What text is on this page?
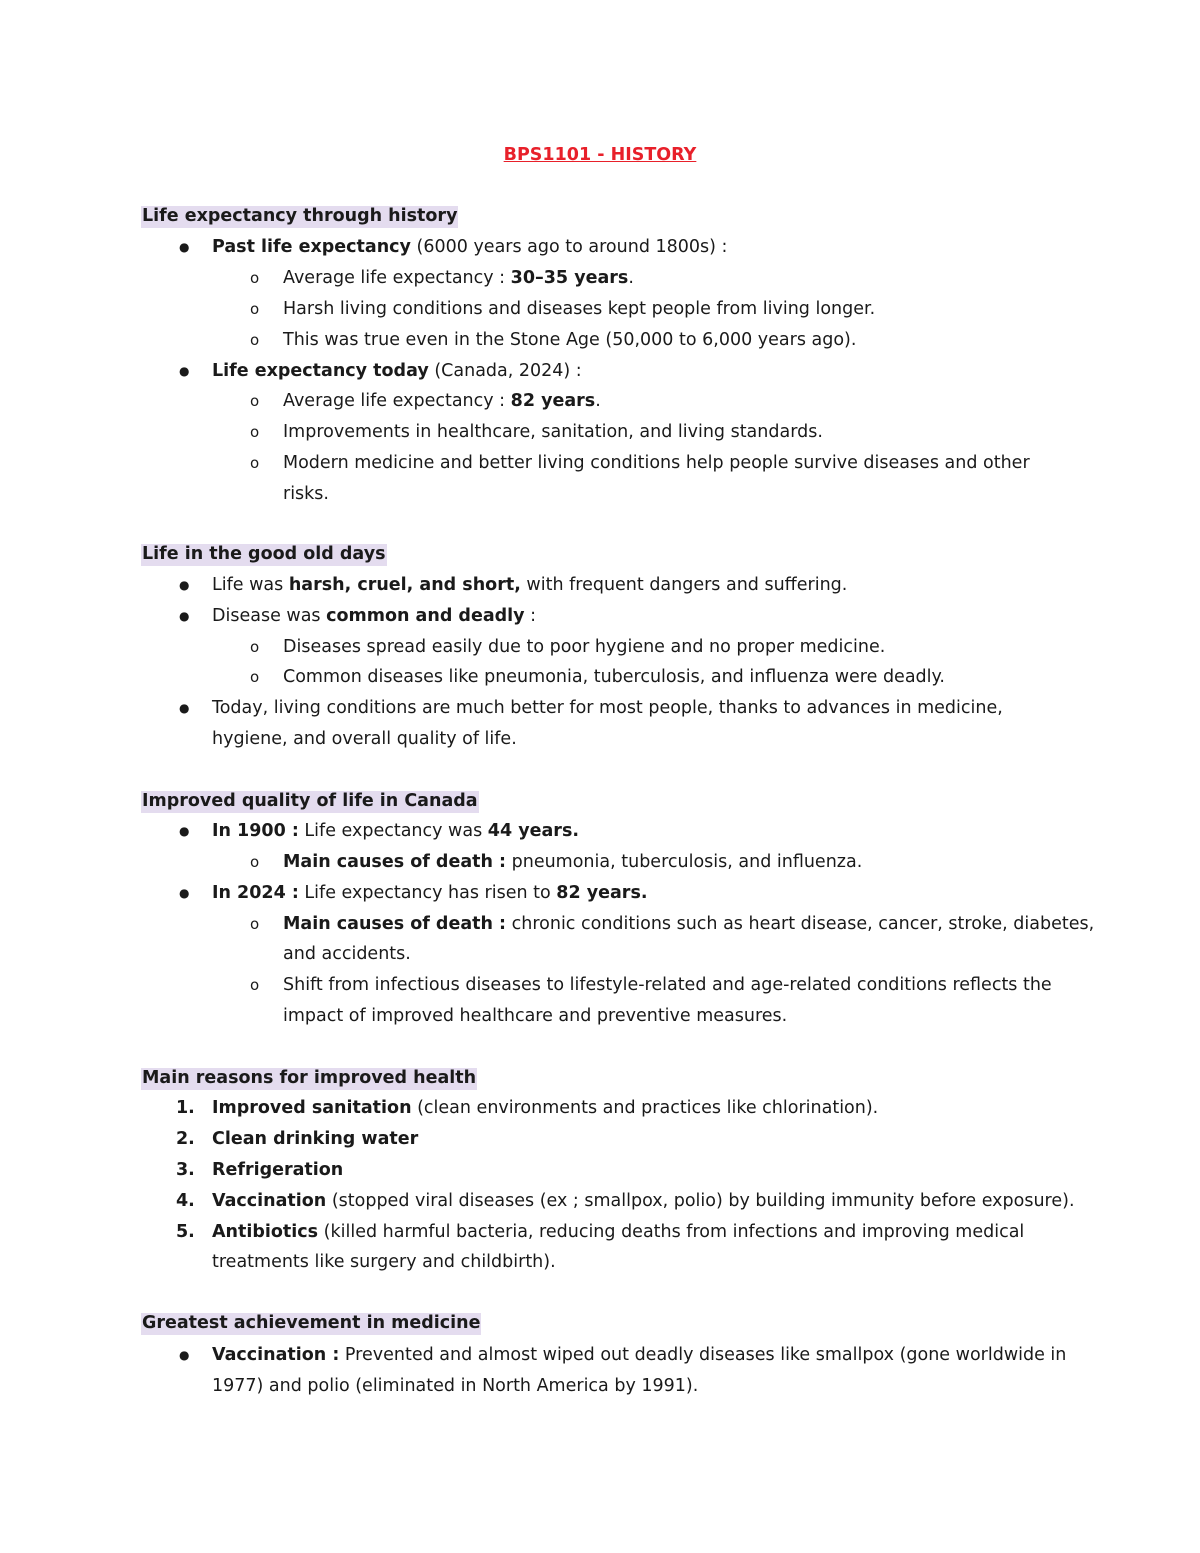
BPS1101 - HISTORY
Life expectancy through history
● Past life expectancy (6000 years ago to around 1800s) :
o Average life expectancy : 30–35 years.
o Harsh living conditions and diseases kept people from living longer.
o This was true even in the Stone Age (50,000 to 6,000 years ago).
● Life expectancy today (Canada, 2024) :
o Average life expectancy : 82 years.
o Improvements in healthcare, sanitation, and living standards.
o Modern medicine and better living conditions help people survive diseases and other
risks.
Life in the good old days
● Life was harsh, cruel, and short, with frequent dangers and suffering.
● Disease was common and deadly :
o Diseases spread easily due to poor hygiene and no proper medicine.
o Common diseases like pneumonia, tuberculosis, and influenza were deadly.
● Today, living conditions are much better for most people, thanks to advances in medicine,
hygiene, and overall quality of life.
Improved quality of life in Canada
● In 1900 : Life expectancy was 44 years.
o Main causes of death : pneumonia, tuberculosis, and influenza.
● In 2024 : Life expectancy has risen to 82 years.
o Main causes of death : chronic conditions such as heart disease, cancer, stroke, diabetes,
and accidents.
o Shift from infectious diseases to lifestyle-related and age-related conditions reflects the
impact of improved healthcare and preventive measures.
Main reasons for improved health
1. Improved sanitation (clean environments and practices like chlorination).
2. Clean drinking water
3. Refrigeration
4. Vaccination (stopped viral diseases (ex ; smallpox, polio) by building immunity before exposure).
5. Antibiotics (killed harmful bacteria, reducing deaths from infections and improving medical
treatments like surgery and childbirth).
Greatest achievement in medicine
● Vaccination : Prevented and almost wiped out deadly diseases like smallpox (gone worldwide in
1977) and polio (eliminated in North America by 1991).
